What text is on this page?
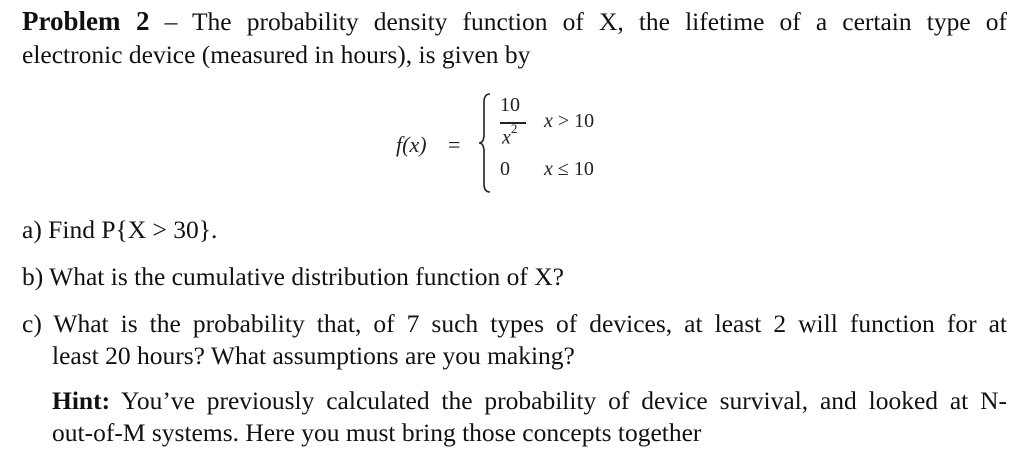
Problem 2 – The probability density function of X, the lifetime of a certain type of
electronic device (measured in hours), is given by
f(x) =
10
$x^2$ x > 10
0 x ≤ 10
a) Find P{X > 30}.
b) What is the cumulative distribution function of X?
c) What is the probability that, of 7 such types of devices, at least 2 will function for at
least 20 hours? What assumptions are you making?
Hint: You’ve previously calculated the probability of device survival, and looked at N-
out-of-M systems. Here you must bring those concepts together
